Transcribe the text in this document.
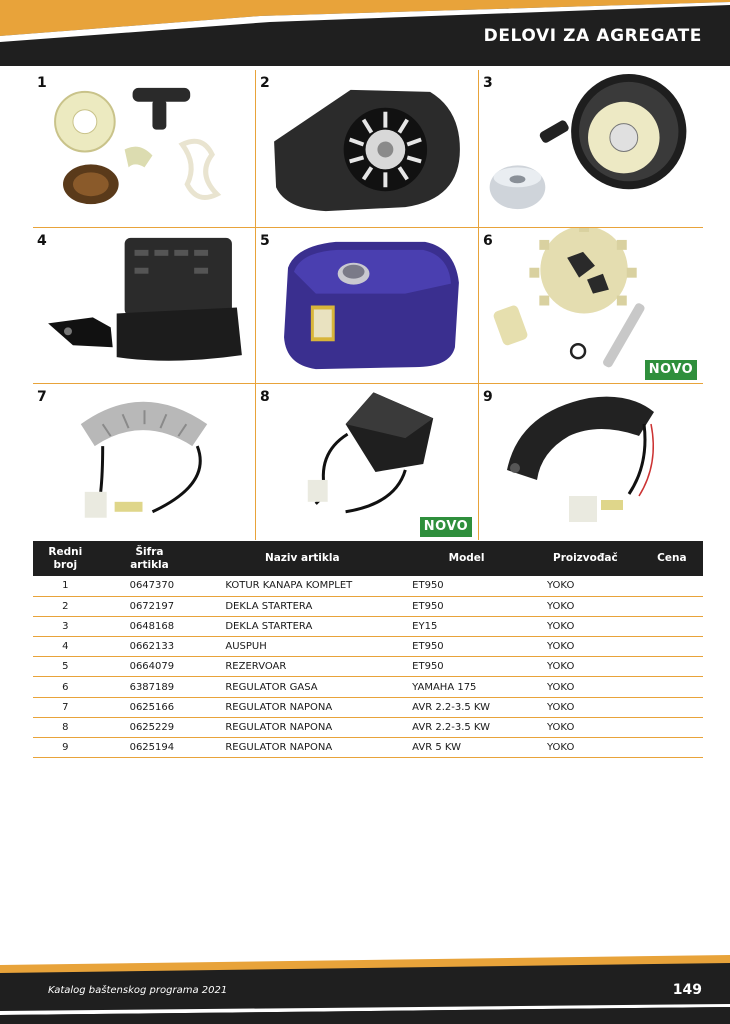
DELOVI ZA AGREGATE
1	2	3
4	5	6
NOVO
7	8
NOVO
9
Redni
broj	Šifra
artikla	Naziv artikla	Model	Proizvođač	Cena
1	0647370	KOTUR KANAPA KOMPLET	ET950	YOKO	
2	0672197	DEKLA STARTERA	ET950	YOKO	
3	0648168	DEKLA STARTERA	EY15	YOKO	
4	0662133	AUSPUH	ET950	YOKO	
5	0664079	REZERVOAR	ET950	YOKO	
6	6387189	REGULATOR GASA	YAMAHA 175	YOKO	
7	0625166	REGULATOR NAPONA	AVR 2.2-3.5 KW	YOKO	
8	0625229	REGULATOR NAPONA	AVR 2.2-3.5 KW	YOKO	
9	0625194	REGULATOR NAPONA	AVR 5 KW	YOKO	
Katalog baštenskog programa 2021	149
